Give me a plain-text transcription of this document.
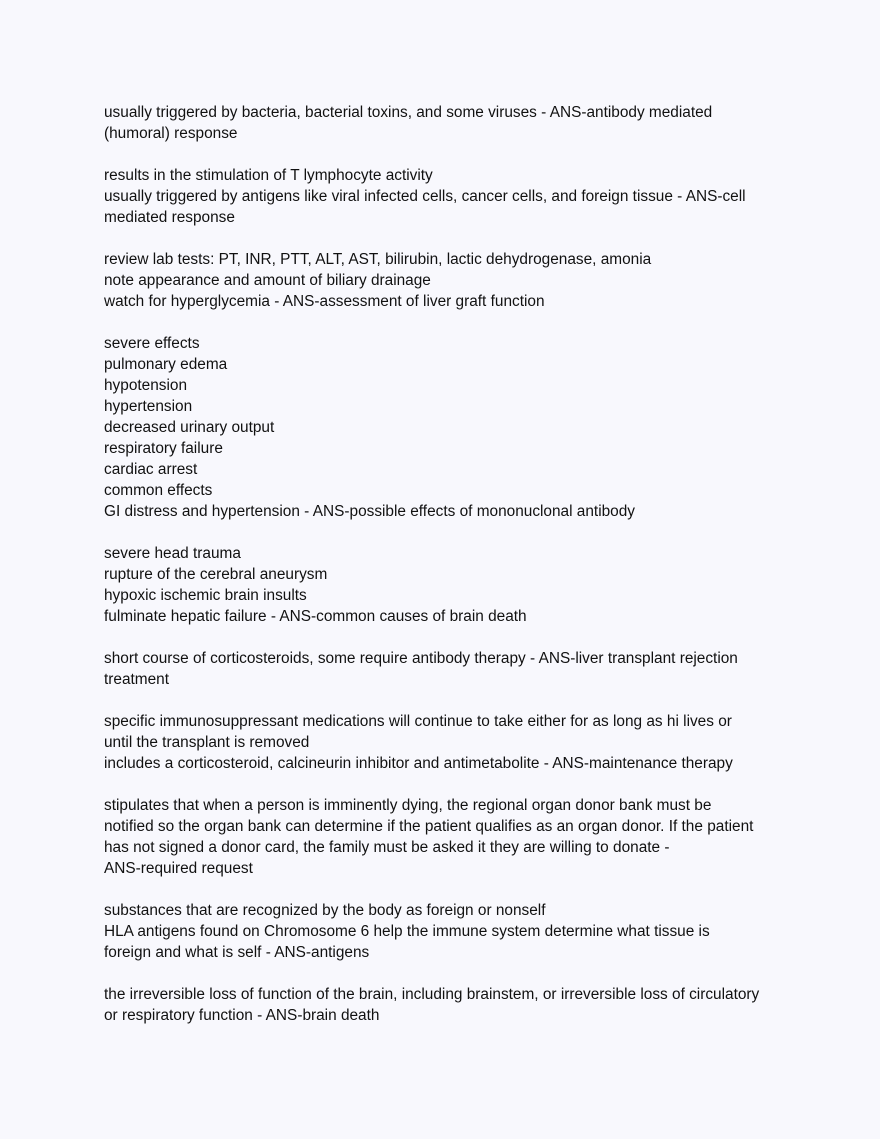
usually triggered by bacteria, bacterial toxins, and some viruses - ANS-antibody mediated
(humoral) response
results in the stimulation of T lymphocyte activity
usually triggered by antigens like viral infected cells, cancer cells, and foreign tissue - ANS-cell
mediated response
review lab tests: PT, INR, PTT, ALT, AST, bilirubin, lactic dehydrogenase, amonia
note appearance and amount of biliary drainage
watch for hyperglycemia - ANS-assessment of liver graft function
severe effects
pulmonary edema
hypotension
hypertension
decreased urinary output
respiratory failure
cardiac arrest
common effects
GI distress and hypertension - ANS-possible effects of mononuclonal antibody
severe head trauma
rupture of the cerebral aneurysm
hypoxic ischemic brain insults
fulminate hepatic failure - ANS-common causes of brain death
short course of corticosteroids, some require antibody therapy - ANS-liver transplant rejection
treatment
specific immunosuppressant medications will continue to take either for as long as hi lives or
until the transplant is removed
includes a corticosteroid, calcineurin inhibitor and antimetabolite - ANS-maintenance therapy
stipulates that when a person is imminently dying, the regional organ donor bank must be
notified so the organ bank can determine if the patient qualifies as an organ donor. If the patient
has not signed a donor card, the family must be asked it they are willing to donate -
ANS-required request
substances that are recognized by the body as foreign or nonself
HLA antigens found on Chromosome 6 help the immune system determine what tissue is
foreign and what is self - ANS-antigens
the irreversible loss of function of the brain, including brainstem, or irreversible loss of circulatory
or respiratory function - ANS-brain death
